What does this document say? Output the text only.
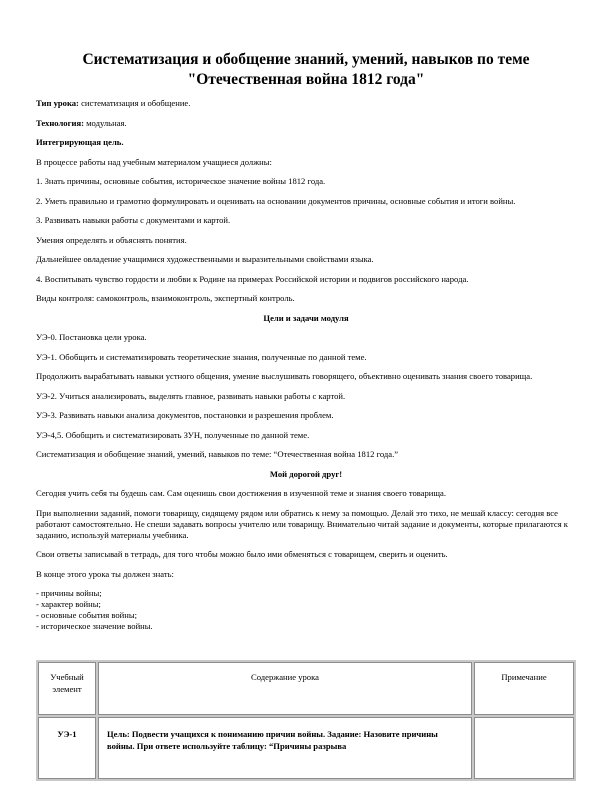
Систематизация и обобщение знаний, умений, навыков по теме
"Отечественная война 1812 года"

Тип урока: систематизация и обобщение.

Технология: модульная.

Интегрирующая цель.

В процессе работы над учебным материалом учащиеся должны:

1. Знать причины, основные события, историческое значение войны 1812 года.

2. Уметь правильно и грамотно формулировать и оценивать на основании документов причины, основные события и итоги войны.

3. Развивать навыки работы с документами и картой.

Умения определять и объяснять понятия.

Дальнейшее овладение учащимися художественными и выразительными свойствами языка.

4. Воспитывать чувство гордости и любви к Родине на примерах Российской истории и подвигов российского народа.

Виды контроля: самоконтроль, взаимоконтроль, экспертный контроль.

Цели и задачи модуля

УЭ-0. Постановка цели урока.

УЭ-1. Обобщить и систематизировать теоретические знания, полученные по данной теме.

Продолжить вырабатывать навыки устного общения, умение выслушивать говорящего, объективно оценивать знания своего товарища.

УЭ-2. Учиться анализировать, выделять главное, развивать навыки работы с картой.

УЭ-3. Развивать навыки анализа документов, постановки и разрешения проблем.

УЭ-4,5. Обобщить и систематизировать ЗУН, полученные по данной теме.

Систематизация и обобщение знаний, умений, навыков по теме: “Отечественная война 1812 года.”

Мой дорогой друг!

Сегодня учить себя ты будешь сам. Сам оценишь свои достижения в изученной теме и знания своего товарища.

При выполнении заданий, помоги товарищу, сидящему рядом или обратись к нему за помощью. Делай это тихо, не мешай классу: сегодня все работают самостоятельно. Не спеши задавать вопросы учителю или товарищу. Внимательно читай задание и документы, которые прилагаются к заданию, используй материалы учебника.

Свои ответы записывай в тетрадь, для того чтобы можно было ими обменяться с товарищем, сверить и оценить.

В конце этого урока ты должен знать:

- причины войны;
- характер войны;
- основные события войны;
- историческое значение войны.
Учебный элемент	Содержание урока	Примечание
УЭ-1	Цель: Подвести учащихся к пониманию причин войны. Задание: Назовите причины войны. При ответе используйте таблицу: “Причины разрыва	
